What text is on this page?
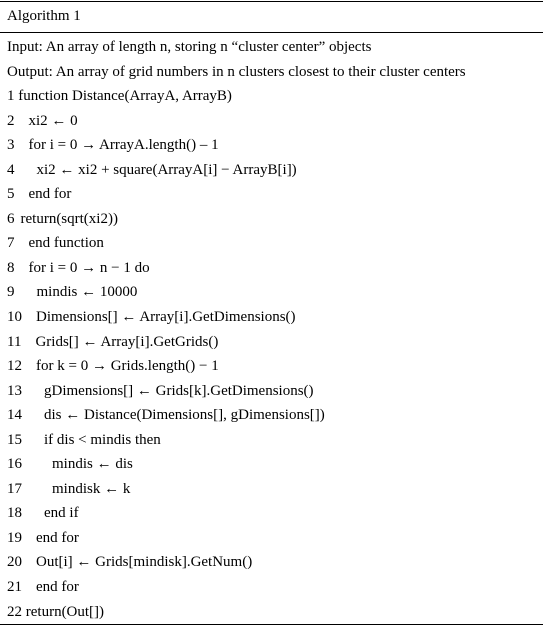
Algorithm 1
Input: An array of length n, storing n “cluster center” objects
Output: An array of grid numbers in n clusters closest to their cluster centers
1 function Distance(ArrayA, ArrayB)
2 xi2 ← 0
3 for i = 0 → ArrayA.length() – 1
4 xi2 ← xi2 + square(ArrayA[i] − ArrayB[i])
5 end for
6 return(sqrt(xi2))
7 end function
8 for i = 0 → n − 1 do
9 mindis ← 10000
10 Dimensions[] ← Array[i].GetDimensions()
11 Grids[] ← Array[i].GetGrids()
12 for k = 0 → Grids.length() − 1
13 gDimensions[] ← Grids[k].GetDimensions()
14 dis ← Distance(Dimensions[], gDimensions[])
15 if dis < mindis then
16 mindis ← dis
17 mindisk ← k
18 end if
19 end for
20 Out[i] ← Grids[mindisk].GetNum()
21 end for
22 return(Out[])
